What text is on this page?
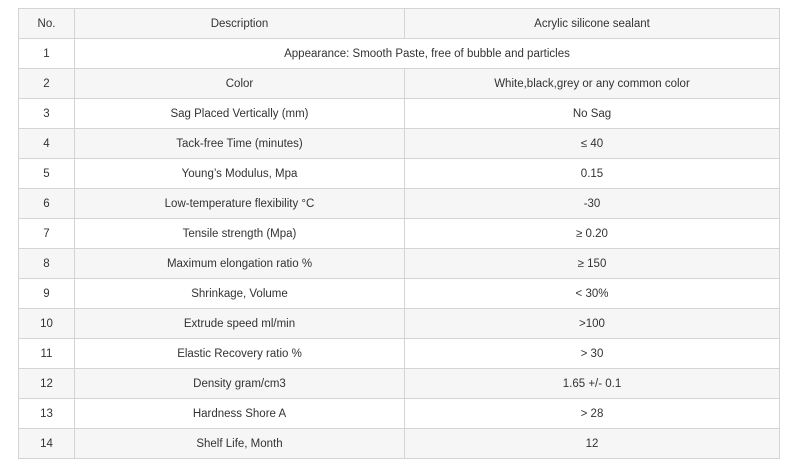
No.	Description	Acrylic silicone sealant
1	Appearance: Smooth Paste, free of bubble and particles	
2	Color	White,black,grey or any common color
3	Sag Placed Vertically (mm)	No Sag
4	Tack-free Time (minutes)	≤ 40
5	Young’s Modulus, Mpa	0.15
6	Low-temperature flexibility °C	-30
7	Tensile strength (Mpa)	≥ 0.20
8	Maximum elongation ratio %	≥ 150
9	Shrinkage, Volume	< 30%
10	Extrude speed ml/min	>100
11	Elastic Recovery ratio %	> 30
12	Density gram/cm3	1.65 +/- 0.1
13	Hardness Shore A	> 28
14	Shelf Life, Month	12
